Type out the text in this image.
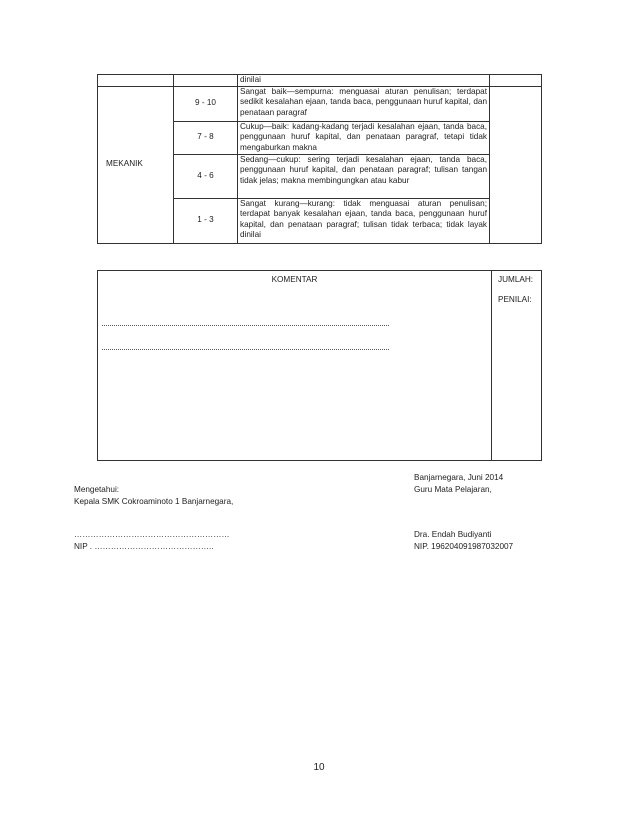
		dinilai	
MEKANIK	9 - 10	Sangat baik—sempurna: menguasai aturan penulisan; terdapat sedikit kesalahan ejaan, tanda baca, penggunaan huruf kapital, dan penataan paragraf	
	7 - 8	Cukup—baik: kadang-kadang terjadi kesalahan ejaan, tanda baca, penggunaan huruf kapital, dan penataan paragraf, tetapi tidak mengaburkan makna	
	4 - 6	Sedang—cukup: sering terjadi kesalahan ejaan, tanda baca, penggunaan huruf kapital, dan penataan paragraf; tulisan tangan tidak jelas; makna membingungkan atau kabur	
	1 - 3	Sangat kurang—kurang: tidak menguasai aturan penulisan; terdapat banyak kesalahan ejaan, tanda baca, penggunaan huruf kapital, dan penataan paragraf; tulisan tidak terbaca; tidak layak dinilai	
KOMENTAR	JUMLAH:
PENILAI:
Banjarnegara, Juni 2014
Guru Mata Pelajaran,
Dra. Endah Budiyanti
NIP. 196204091987032007
Mengetahui:
Kepala SMK Cokroaminoto 1 Banjarnegara,
…………………………………………………
NIP . ……………………………………..
10
